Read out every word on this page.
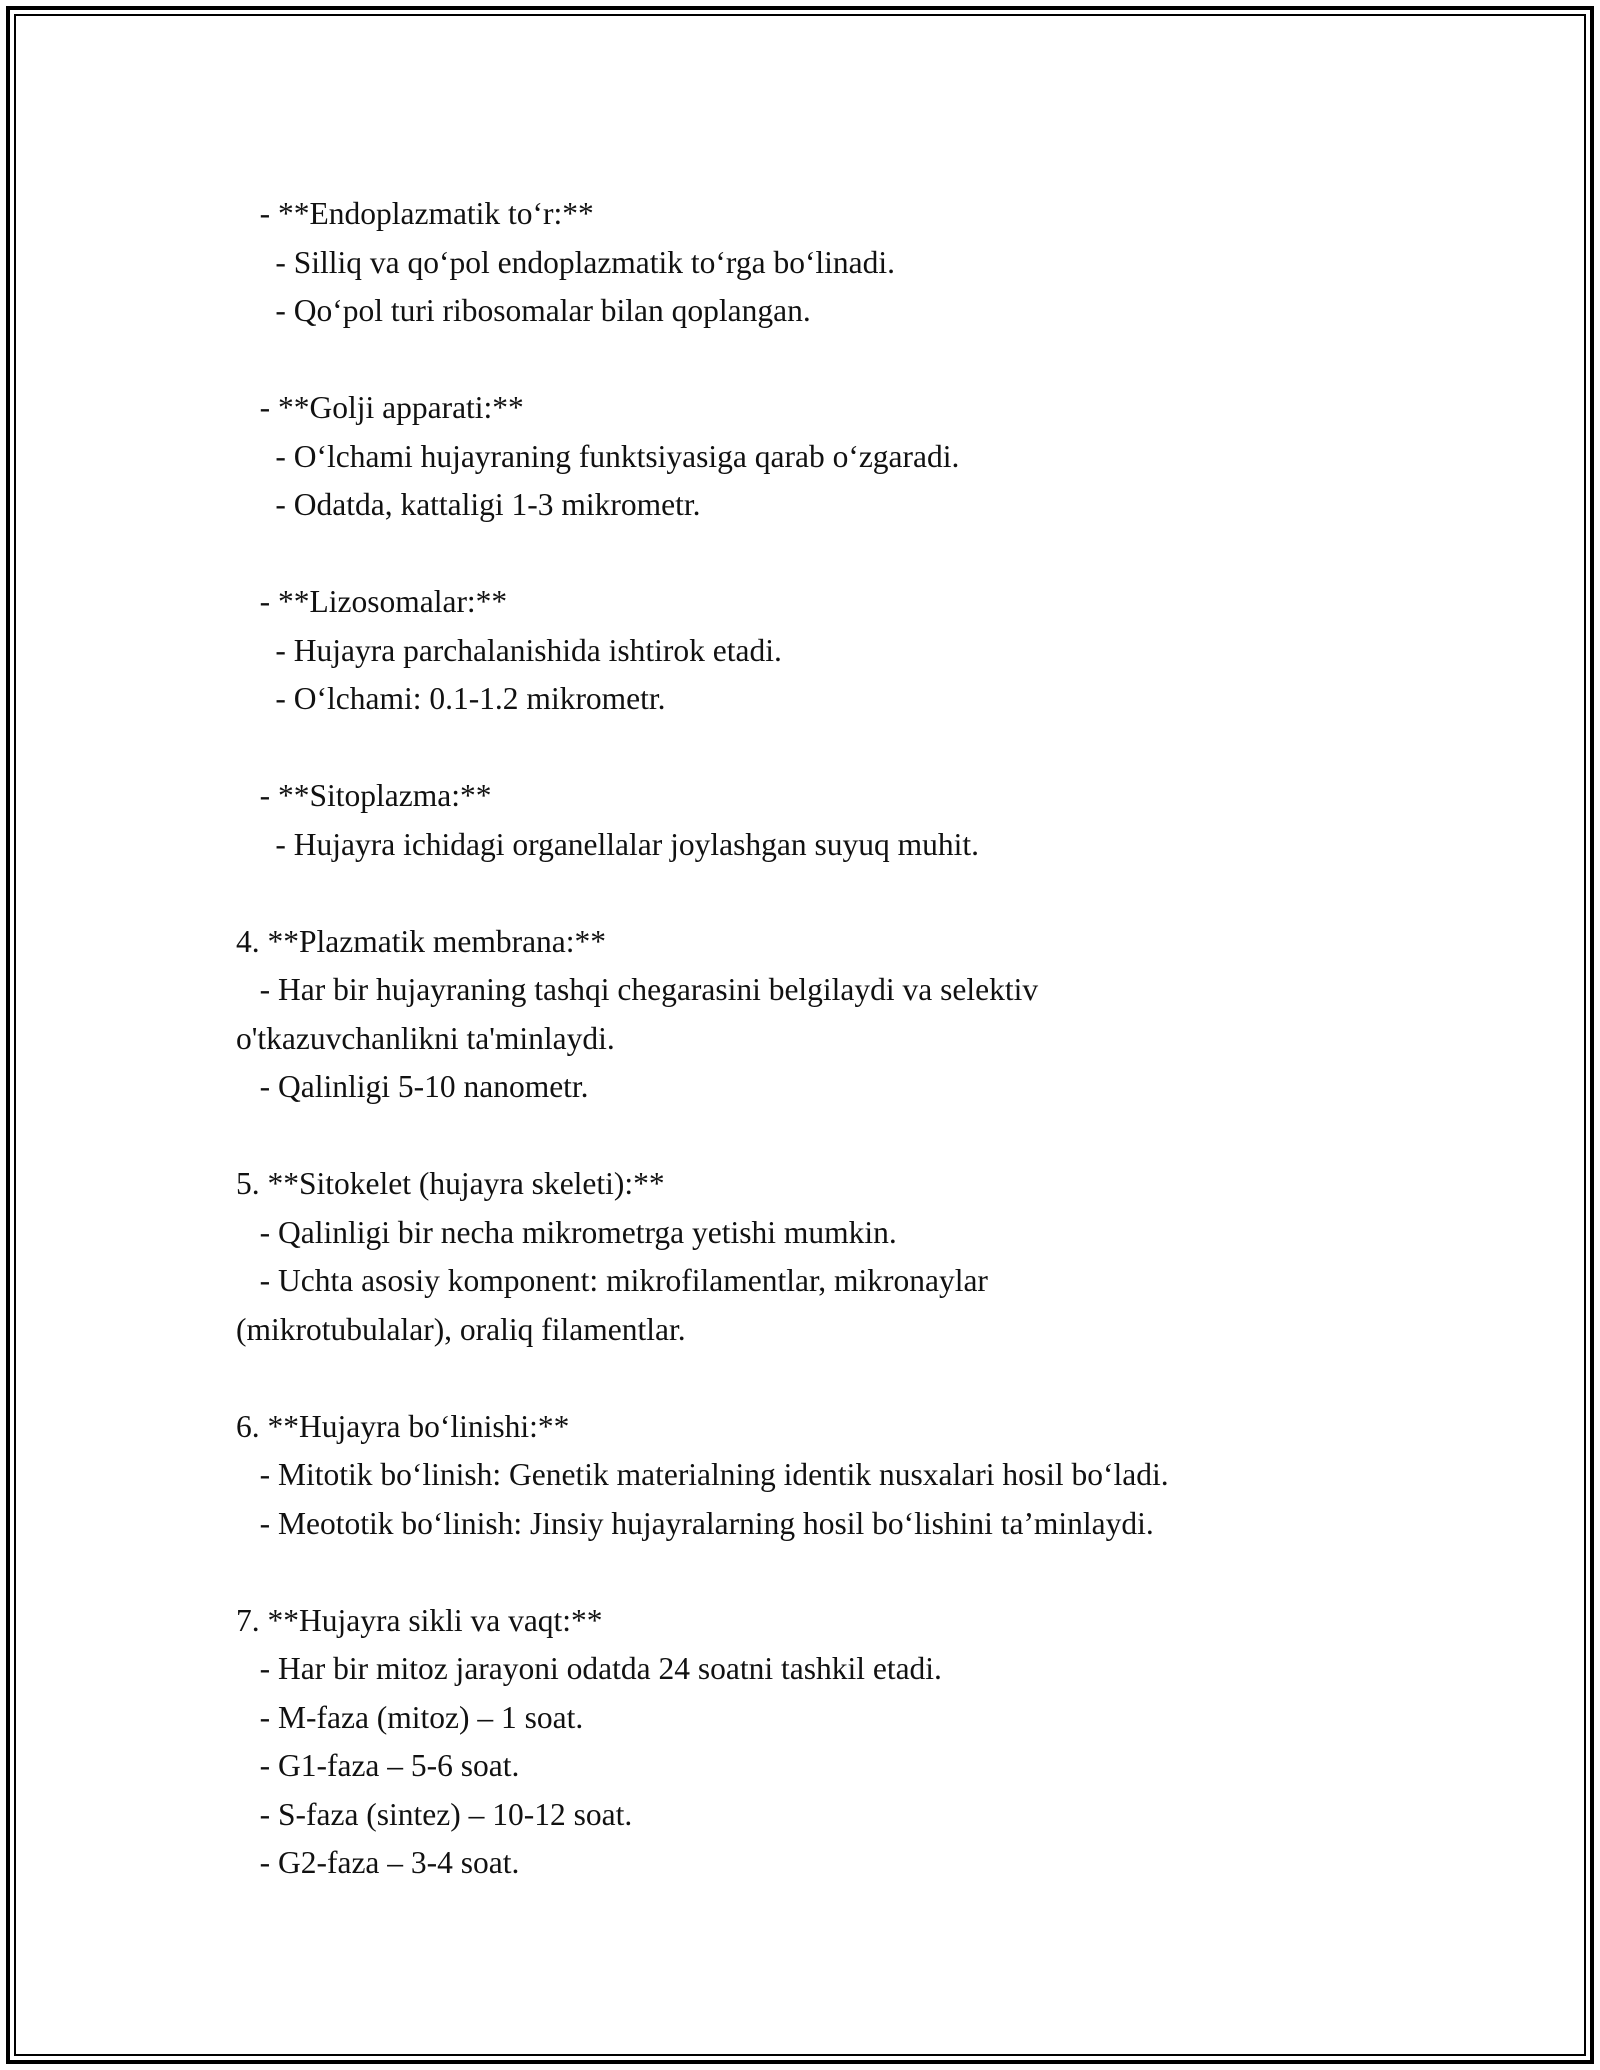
- **Endoplazmatik to‘r:**
- Silliq va qo‘pol endoplazmatik to‘rga bo‘linadi.
- Qo‘pol turi ribosomalar bilan qoplangan.
- **Golji apparati:**
- O‘lchami hujayraning funktsiyasiga qarab o‘zgaradi.
- Odatda, kattaligi 1-3 mikrometr.
- **Lizosomalar:**
- Hujayra parchalanishida ishtirok etadi.
- O‘lchami: 0.1-1.2 mikrometr.
- **Sitoplazma:**
- Hujayra ichidagi organellalar joylashgan suyuq muhit.
4. **Plazmatik membrana:**
- Har bir hujayraning tashqi chegarasini belgilaydi va selektiv
o'tkazuvchanlikni ta'minlaydi.
- Qalinligi 5-10 nanometr.
5. **Sitokelet (hujayra skeleti):**
- Qalinligi bir necha mikrometrga yetishi mumkin.
- Uchta asosiy komponent: mikrofilamentlar, mikronaylar
(mikrotubulalar), oraliq filamentlar.
6. **Hujayra bo‘linishi:**
- Mitotik bo‘linish: Genetik materialning identik nusxalari hosil bo‘ladi.
- Meototik bo‘linish: Jinsiy hujayralarning hosil bo‘lishini ta’minlaydi.
7. **Hujayra sikli va vaqt:**
- Har bir mitoz jarayoni odatda 24 soatni tashkil etadi.
- M-faza (mitoz) – 1 soat.
- G1-faza – 5-6 soat.
- S-faza (sintez) – 10-12 soat.
- G2-faza – 3-4 soat.
